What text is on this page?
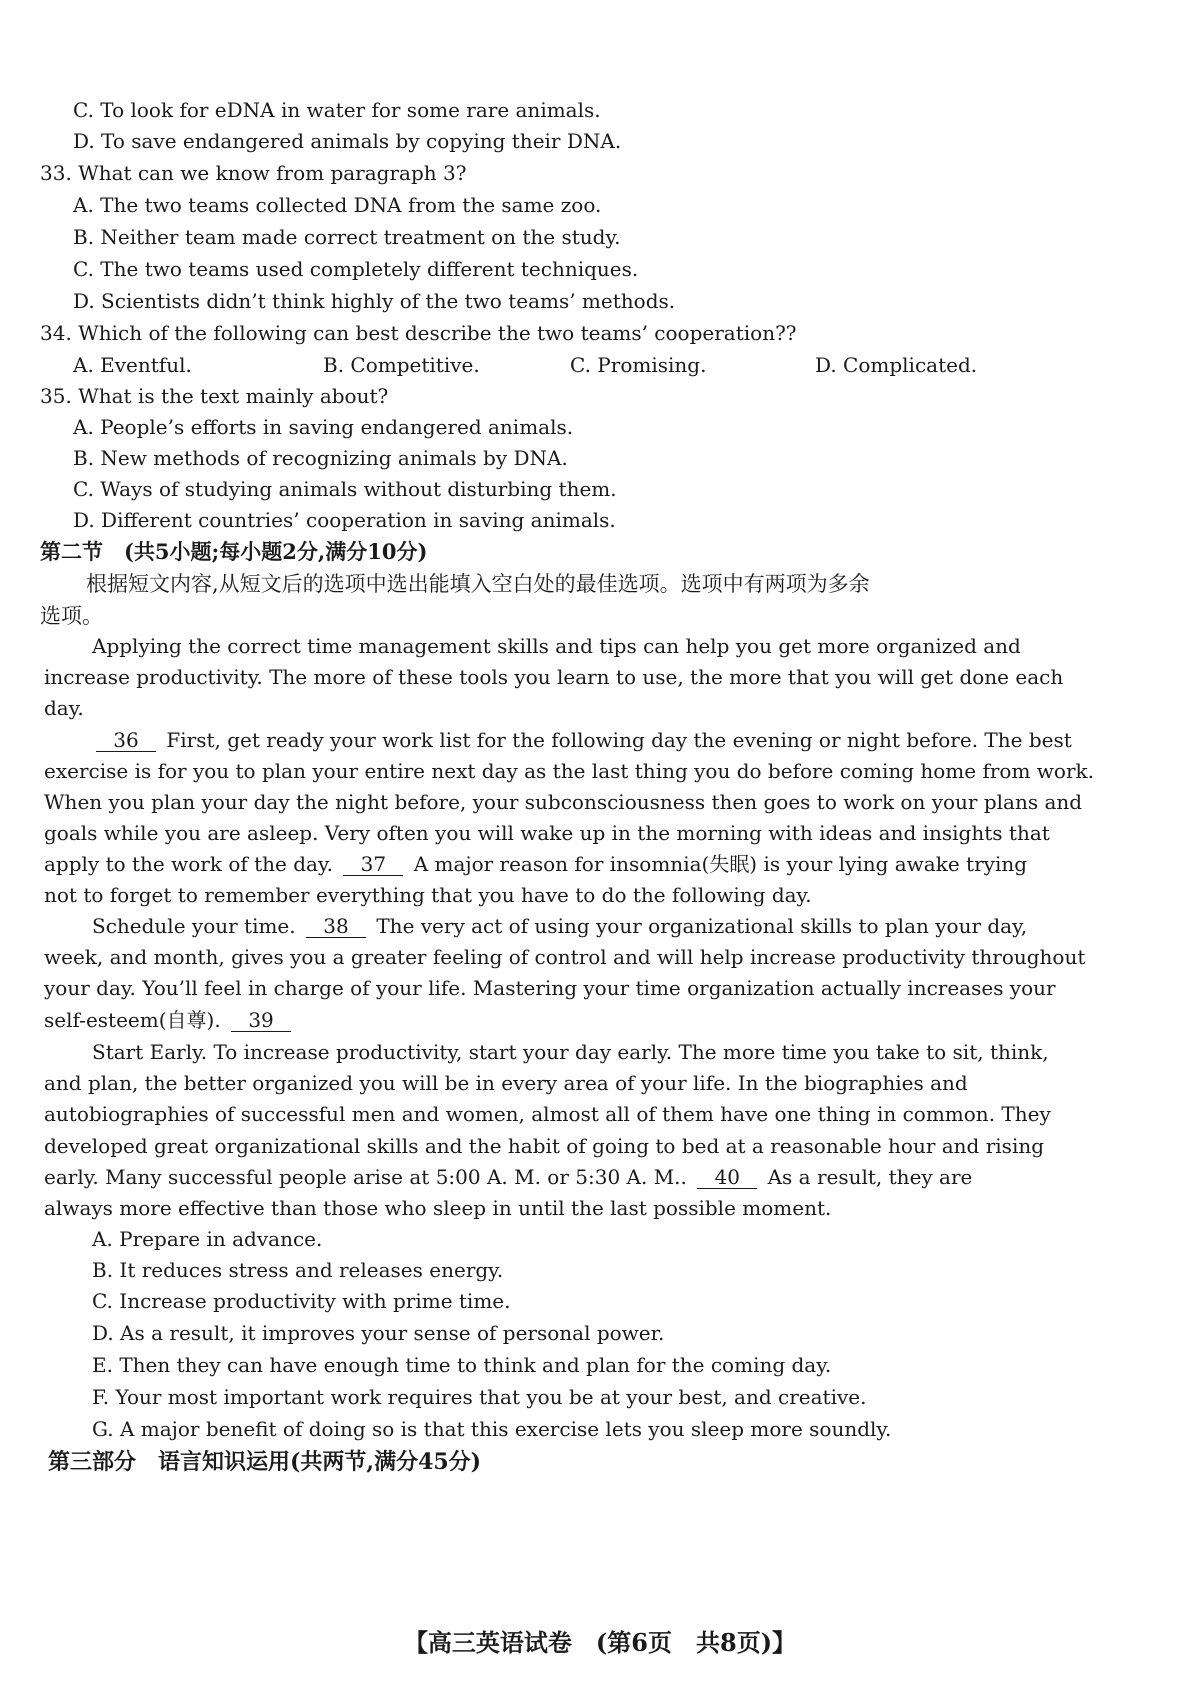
C. To look for eDNA in water for some rare animals.
D. To save endangered animals by copying their DNA.
33. What can we know from paragraph 3?
A. The two teams collected DNA from the same zoo.
B. Neither team made correct treatment on the study.
C. The two teams used completely different techniques.
D. Scientists didn’t think highly of the two teams’ methods.
34. Which of the following can best describe the two teams’ cooperation??
A. Eventful.	B. Competitive.	C. Promising.	D. Complicated.
35. What is the text mainly about?
A. People’s efforts in saving endangered animals.
B. New methods of recognizing animals by DNA.
C. Ways of studying animals without disturbing them.
D. Different countries’ cooperation in saving animals.
第二节　(共5小题;每小题2分,满分10分)
根据短文内容,从短文后的选项中选出能填入空白处的最佳选项。选项中有两项为多余
选项。
Applying the correct time management skills and tips can help you get more organized and
increase productivity. The more of these tools you learn to use, the more that you will get done each
day.
36 First, get ready your work list for the following day the evening or night before. The best
exercise is for you to plan your entire next day as the last thing you do before coming home from work.
When you plan your day the night before, your subconsciousness then goes to work on your plans and
goals while you are asleep. Very often you will wake up in the morning with ideas and insights that
apply to the work of the day. 37 A major reason for insomnia(失眠) is your lying awake trying
not to forget to remember everything that you have to do the following day.
Schedule your time. 38 The very act of using your organizational skills to plan your day,
week, and month, gives you a greater feeling of control and will help increase productivity throughout
your day. You’ll feel in charge of your life. Mastering your time organization actually increases your
self-esteem(自尊). 39
Start Early. To increase productivity, start your day early. The more time you take to sit, think,
and plan, the better organized you will be in every area of your life. In the biographies and
autobiographies of successful men and women, almost all of them have one thing in common. They
developed great organizational skills and the habit of going to bed at a reasonable hour and rising
early. Many successful people arise at 5:00 A. M. or 5:30 A. M.. 40 As a result, they are
always more effective than those who sleep in until the last possible moment.
A. Prepare in advance.
B. It reduces stress and releases energy.
C. Increase productivity with prime time.
D. As a result, it improves your sense of personal power.
E. Then they can have enough time to think and plan for the coming day.
F. Your most important work requires that you be at your best, and creative.
G. A major benefit of doing so is that this exercise lets you sleep more soundly.
第三部分　语言知识运用(共两节,满分45分)
【高三英语试卷　(第6页　共8页)】
